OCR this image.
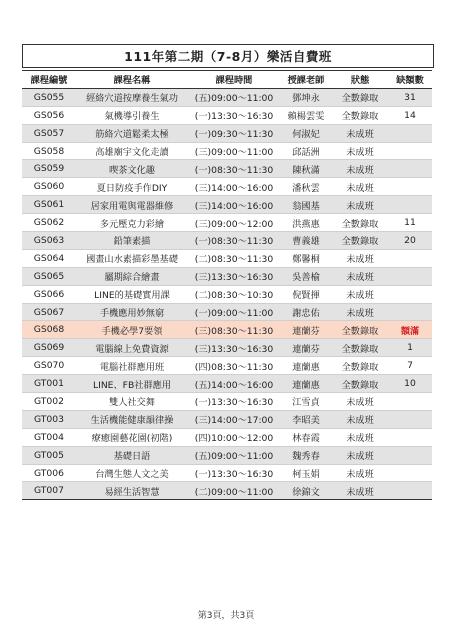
111年第二期（7-8月）樂活自費班
課程編號	課程名稱	課程時間	授課老師	狀態	缺額數
GS055	經絡穴道按摩養生氣功	(五)09:00～11:00	鄧坤永	全數錄取	31
GS056	氣機導引養生	(一)13:30～16:30	賴楊雲雯	全數錄取	14
GS057	筋絡穴道鬆柔太極	(一)09:30～11:30	何淑妃	未成班	
GS058	高雄廟宇文化走讀	(三)09:00～11:00	邱話洲	未成班	
GS059	喫茶文化趣	(一)08:30～11:30	陳秋滿	未成班	
GS060	夏日防疫手作DIY	(三)14:00～16:00	潘秋雲	未成班	
GS061	居家用電與電器維修	(三)14:00～16:00	翁國基	未成班	
GS062	多元壓克力彩繪	(三)09:00～12:00	洪燕惠	全數錄取	11
GS063	鉛筆素描	(一)08:30～11:30	曹義雄	全數錄取	20
GS064	國畫山水素描彩墨基礎	(二)08:30～11:30	鄭馨桐	未成班	
GS065	屬期綜合繪畫	(三)13:30～16:30	吳善榆	未成班	
GS066	LINE的基礎實用課	(二)08:30～10:30	倪賢揮	未成班	
GS067	手機應用妙無窮	(一)09:00～11:00	謝忠佑	未成班	
GS068	手機必學7要領	(三)08:30～11:30	連蘭芬	全數錄取	額滿
GS069	電腦線上免費資源	(三)13:30～16:30	連蘭芬	全數錄取	1
GS070	電腦社群應用班	(四)08:30～11:30	連蘭惠	全數錄取	7
GT001	LINE、FB社群應用	(五)14:00～16:00	連蘭惠	全數錄取	10
GT002	雙人社交舞	(一)13:30～16:30	江雪貞	未成班	
GT003	生活機能健康韻律操	(三)14:00～17:00	李昭美	未成班	
GT004	療癒園藝花園(初階)	(四)10:00～12:00	林春霞	未成班	
GT005	基礎日語	(五)09:00～11:00	魏秀春	未成班	
GT006	台灣生態人文之美	(一)13:30～16:30	柯玉娟	未成班	
GT007	易經生活智慧	(二)09:00～11:00	徐錦文	未成班	
第3頁，共3頁
